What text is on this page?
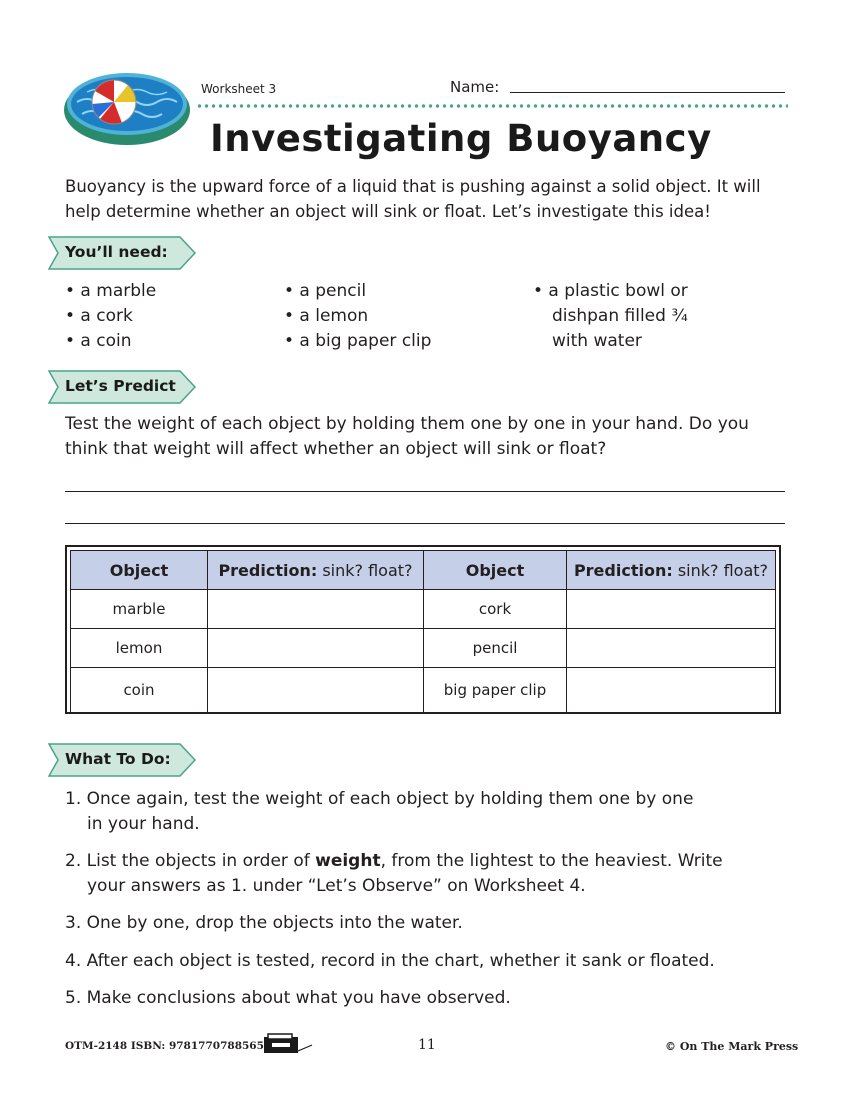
Worksheet 3	Name:
Investigating Buoyancy
Buoyancy is the upward force of a liquid that is pushing against a solid object. It will help determine whether an object will sink or float. Let’s investigate this idea!
You’ll need:
• a marble
• a cork
• a coin
• a pencil
• a lemon
• a big paper clip
• a plastic bowl or
dishpan filled ¾
with water
Let’s Predict
Test the weight of each object by holding them one by one in your hand. Do you think that weight will affect whether an object will sink or float?
Object	Prediction: sink? float?	Object	Prediction: sink? float?
marble		cork	
lemon		pencil	
coin		big paper clip	
What To Do:
1. Once again, test the weight of each object by holding them one by one
in your hand.
2. List the objects in order of weight, from the lightest to the heaviest. Write
your answers as 1. under “Let’s Observe” on Worksheet 4.
3. One by one, drop the objects into the water.
4. After each object is tested, record in the chart, whether it sank or floated.
5. Make conclusions about what you have observed.
OTM-2148 ISBN: 9781770788565	11	© On The Mark Press
